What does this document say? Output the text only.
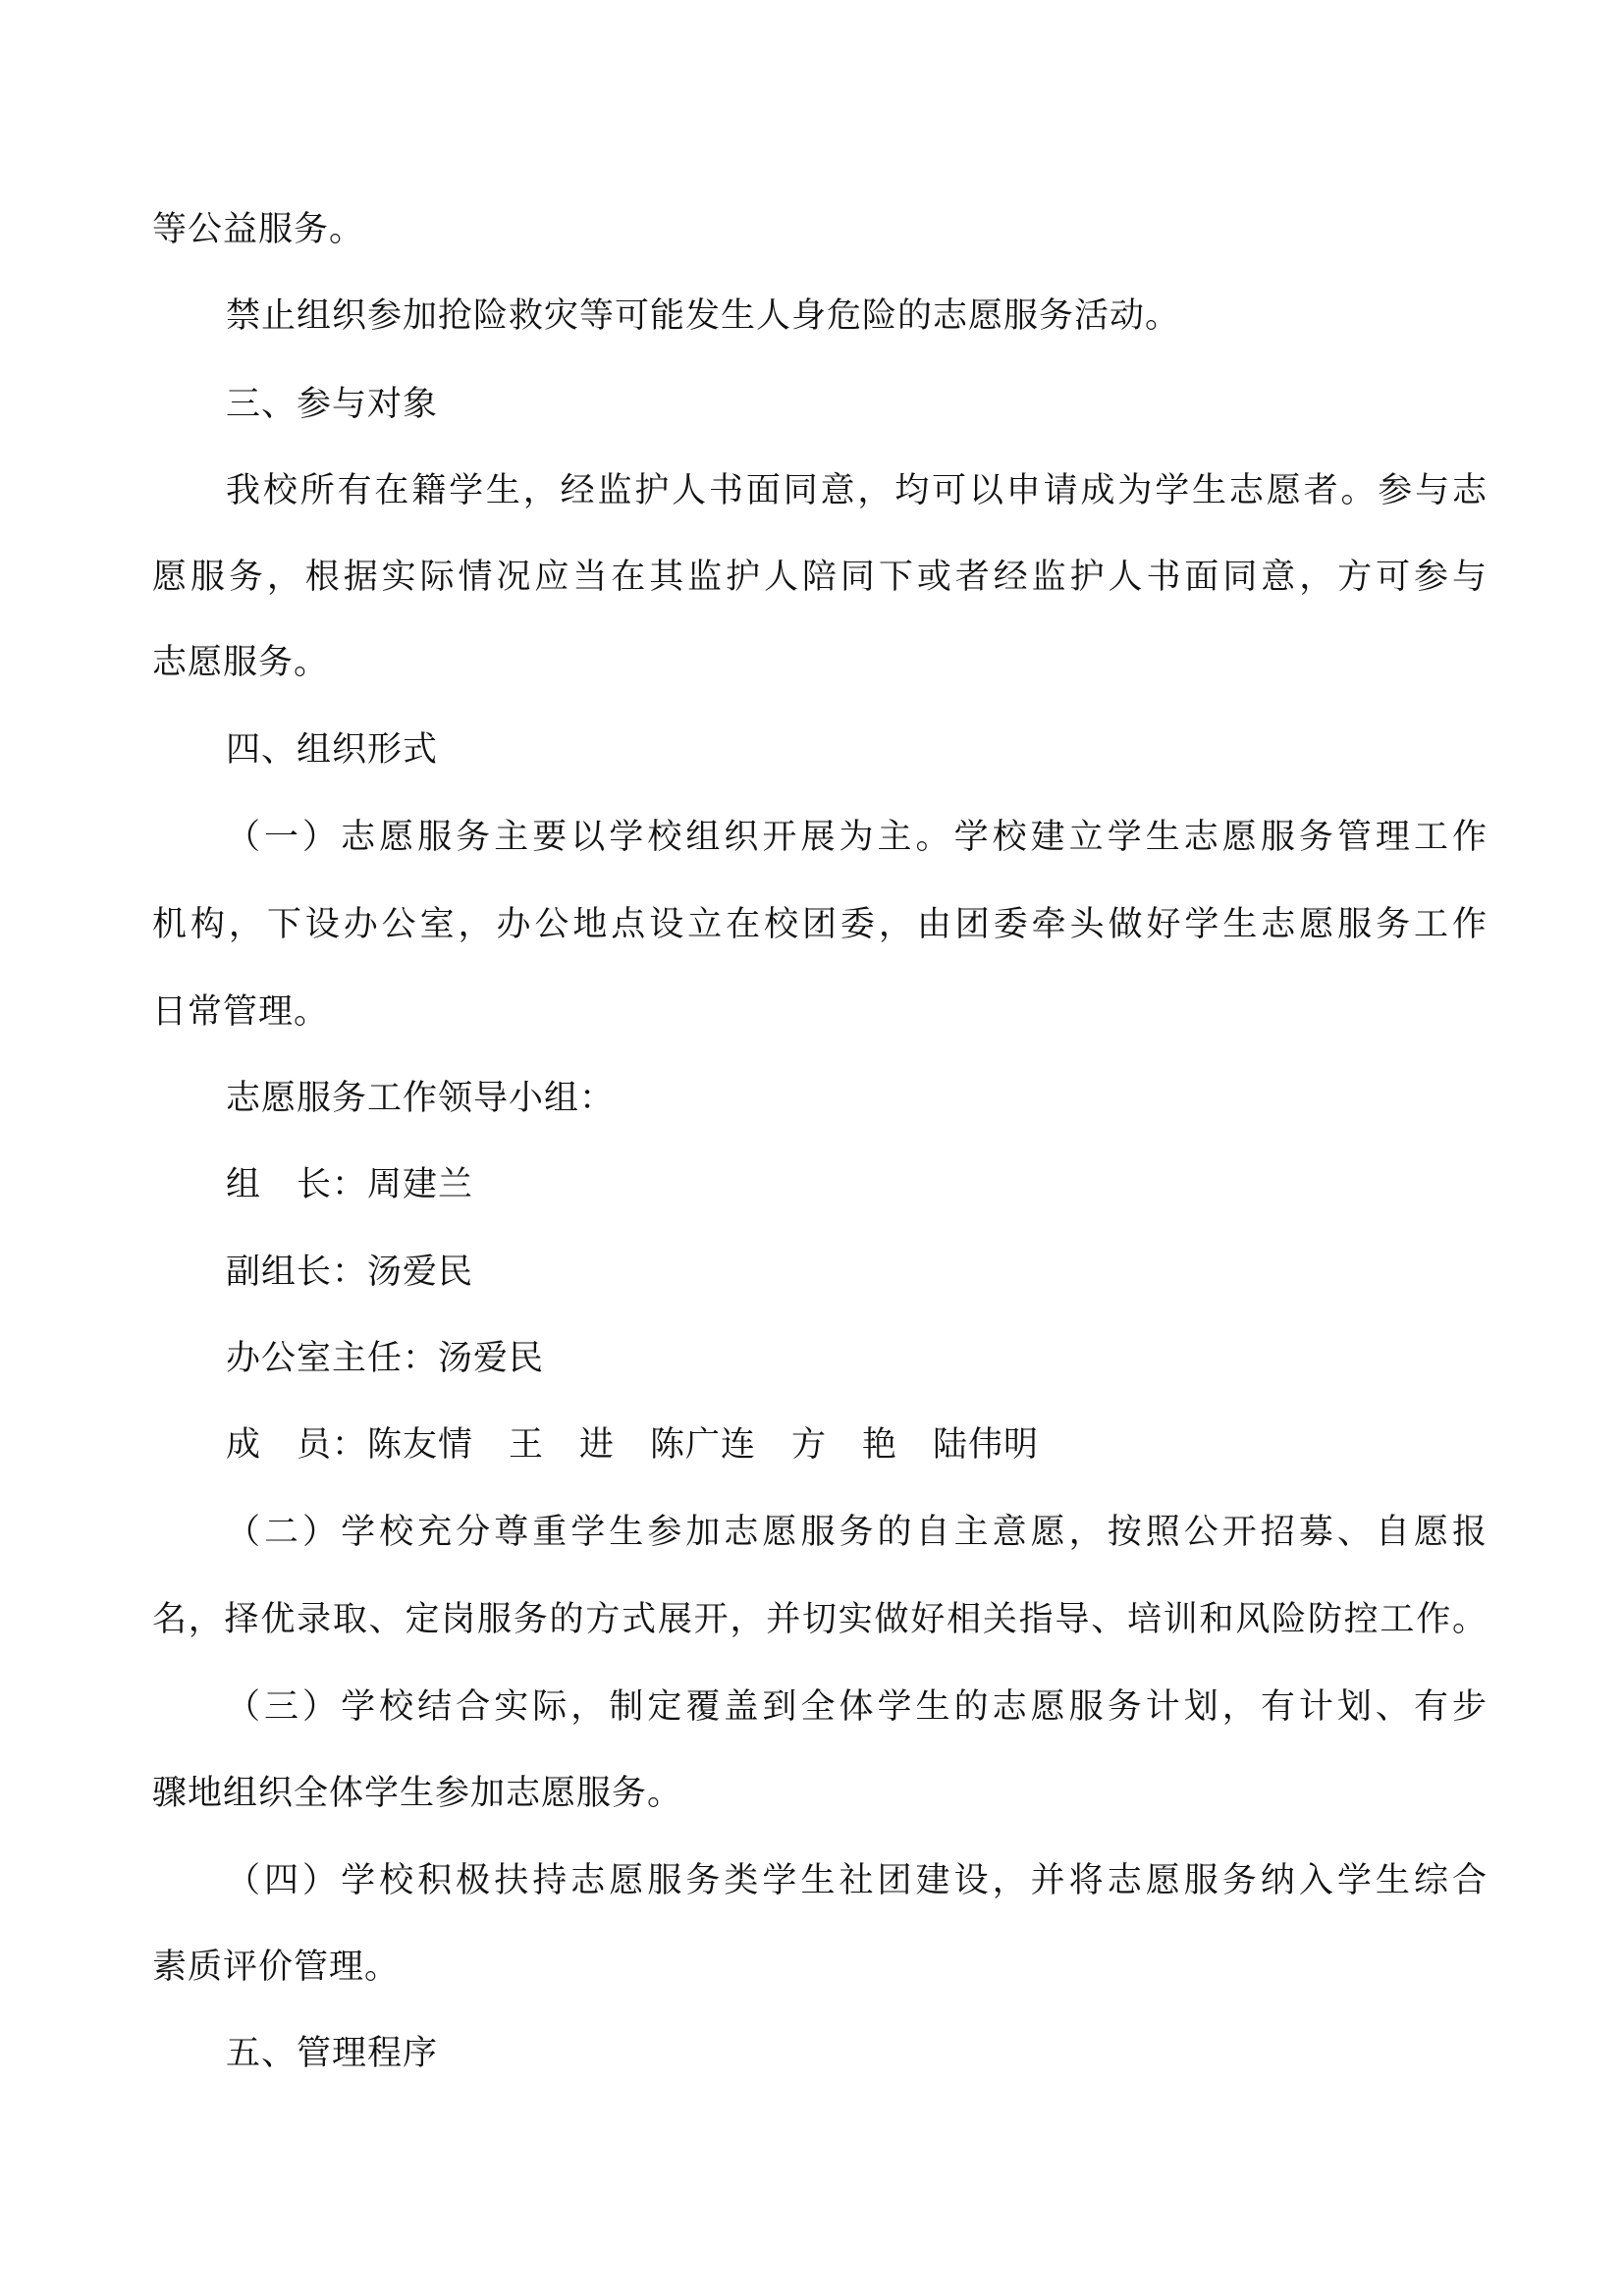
等公益服务。
禁止组织参加抢险救灾等可能发生人身危险的志愿服务活动。
三、参与对象
我校所有在籍学生，经监护人书面同意，均可以申请成为学生志愿者。参与志
愿服务，根据实际情况应当在其监护人陪同下或者经监护人书面同意，方可参与
志愿服务。
四、组织形式
（一）志愿服务主要以学校组织开展为主。学校建立学生志愿服务管理工作
机构，下设办公室，办公地点设立在校团委，由团委牵头做好学生志愿服务工作
日常管理。
志愿服务工作领导小组：
组　长：周建兰
副组长：汤爱民
办公室主任：汤爱民
成　员：陈友情　王　进　陈广连　方　艳　陆伟明
（二）学校充分尊重学生参加志愿服务的自主意愿，按照公开招募、自愿报
名，择优录取、定岗服务的方式展开，并切实做好相关指导、培训和风险防控工作。
（三）学校结合实际，制定覆盖到全体学生的志愿服务计划，有计划、有步
骤地组织全体学生参加志愿服务。
（四）学校积极扶持志愿服务类学生社团建设，并将志愿服务纳入学生综合
素质评价管理。
五、管理程序
